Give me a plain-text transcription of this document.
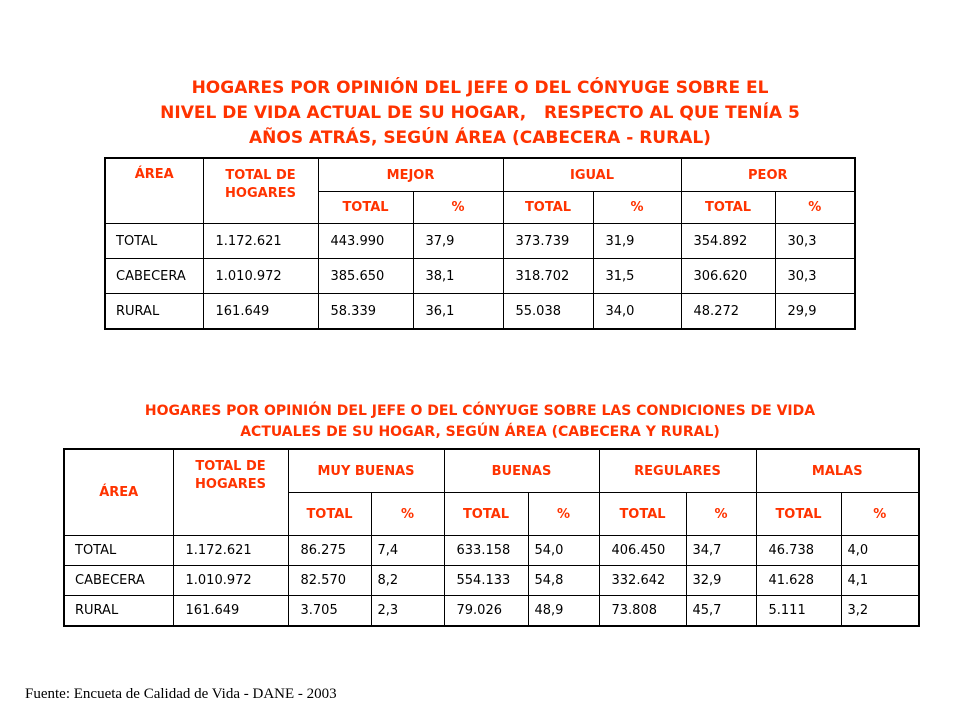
HOGARES POR OPINIÓN DEL JEFE O DEL CÓNYUGE SOBRE EL
NIVEL DE VIDA ACTUAL DE SU HOGAR,   RESPECTO AL QUE TENÍA 5
AÑOS ATRÁS, SEGÚN ÁREA (CABECERA - RURAL)
ÁREA	TOTAL DE HOGARES	MEJOR		IGUAL		PEOR	
		TOTAL	%	TOTAL	%	TOTAL	%
TOTAL	1.172.621	443.990	37,9	373.739	31,9	354.892	30,3
CABECERA	1.010.972	385.650	38,1	318.702	31,5	306.620	30,3
RURAL	161.649	58.339	36,1	55.038	34,0	48.272	29,9
HOGARES POR OPINIÓN DEL JEFE O DEL CÓNYUGE SOBRE LAS CONDICIONES DE VIDA
ACTUALES DE SU HOGAR, SEGÚN ÁREA (CABECERA Y RURAL)
ÁREA	TOTAL DE HOGARES	MUY BUENAS		BUENAS		REGULARES		MALAS	
		TOTAL	%	TOTAL	%	TOTAL	%	TOTAL	%
TOTAL	1.172.621	86.275	7,4	633.158	54,0	406.450	34,7	46.738	4,0
CABECERA	1.010.972	82.570	8,2	554.133	54,8	332.642	32,9	41.628	4,1
RURAL	161.649	3.705	2,3	79.026	48,9	73.808	45,7	5.111	3,2
Fuente: Encueta de Calidad de Vida - DANE - 2003
